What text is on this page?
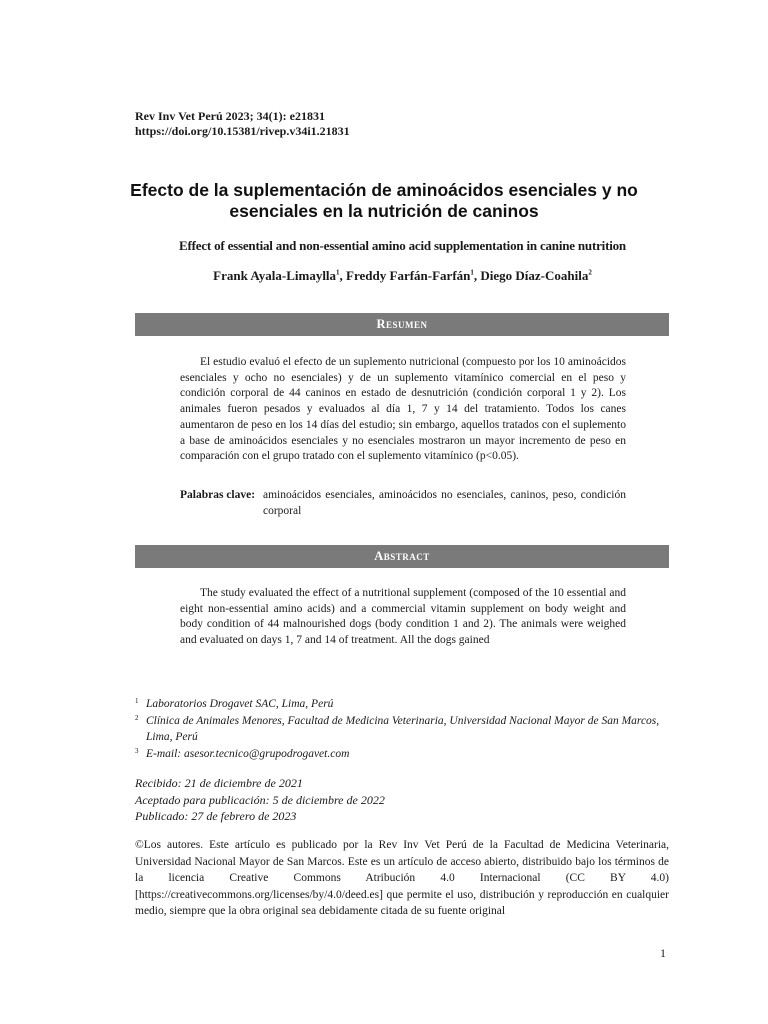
Rev Inv Vet Perú 2023; 34(1): e21831
https://doi.org/10.15381/rivep.v34i1.21831
Efecto de la suplementación de aminoácidos esenciales y no esenciales en la nutrición de caninos
Effect of essential and non-essential amino acid supplementation in canine nutrition
Frank Ayala-Limaylla$^1$, Freddy Farfán-Farfán$^1$, Diego Díaz-Coahila$^2$
Resumen
El estudio evaluó el efecto de un suplemento nutricional (compuesto por los 10 aminoácidos esenciales y ocho no esenciales) y de un suplemento vitamínico comercial en el peso y condición corporal de 44 caninos en estado de desnutrición (condición corporal 1 y 2). Los animales fueron pesados y evaluados al día 1, 7 y 14 del tratamiento. Todos los canes aumentaron de peso en los 14 días del estudio; sin embargo, aquellos tratados con el suplemento a base de aminoácidos esenciales y no esenciales mostraron un mayor incremento de peso en comparación con el grupo tratado con el suplemento vitamínico (p<0.05).
Palabras clave: aminoácidos esenciales, aminoácidos no esenciales, caninos, peso, condición corporal
Abstract
The study evaluated the effect of a nutritional supplement (composed of the 10 essential and eight non-essential amino acids) and a commercial vitamin supplement on body weight and body condition of 44 malnourished dogs (body condition 1 and 2). The animals were weighed and evaluated on days 1, 7 and 14 of treatment. All the dogs gained
1 Laboratorios Drogavet SAC, Lima, Perú
2 Clínica de Animales Menores, Facultad de Medicina Veterinaria, Universidad Nacional Mayor de San Marcos, Lima, Perú
3 E-mail: asesor.tecnico@grupodrogavet.com
Recibido: 21 de diciembre de 2021
Aceptado para publicación: 5 de diciembre de 2022
Publicado: 27 de febrero de 2023
©Los autores. Este artículo es publicado por la Rev Inv Vet Perú de la Facultad de Medicina Veterinaria, Universidad Nacional Mayor de San Marcos. Este es un artículo de acceso abierto, distribuido bajo los términos de la licencia Creative Commons Atribución 4.0 Internacional (CC BY 4.0) [https://creativecommons.org/licenses/by/4.0/deed.es] que permite el uso, distribución y reproducción en cualquier medio, siempre que la obra original sea debidamente citada de su fuente original
1
